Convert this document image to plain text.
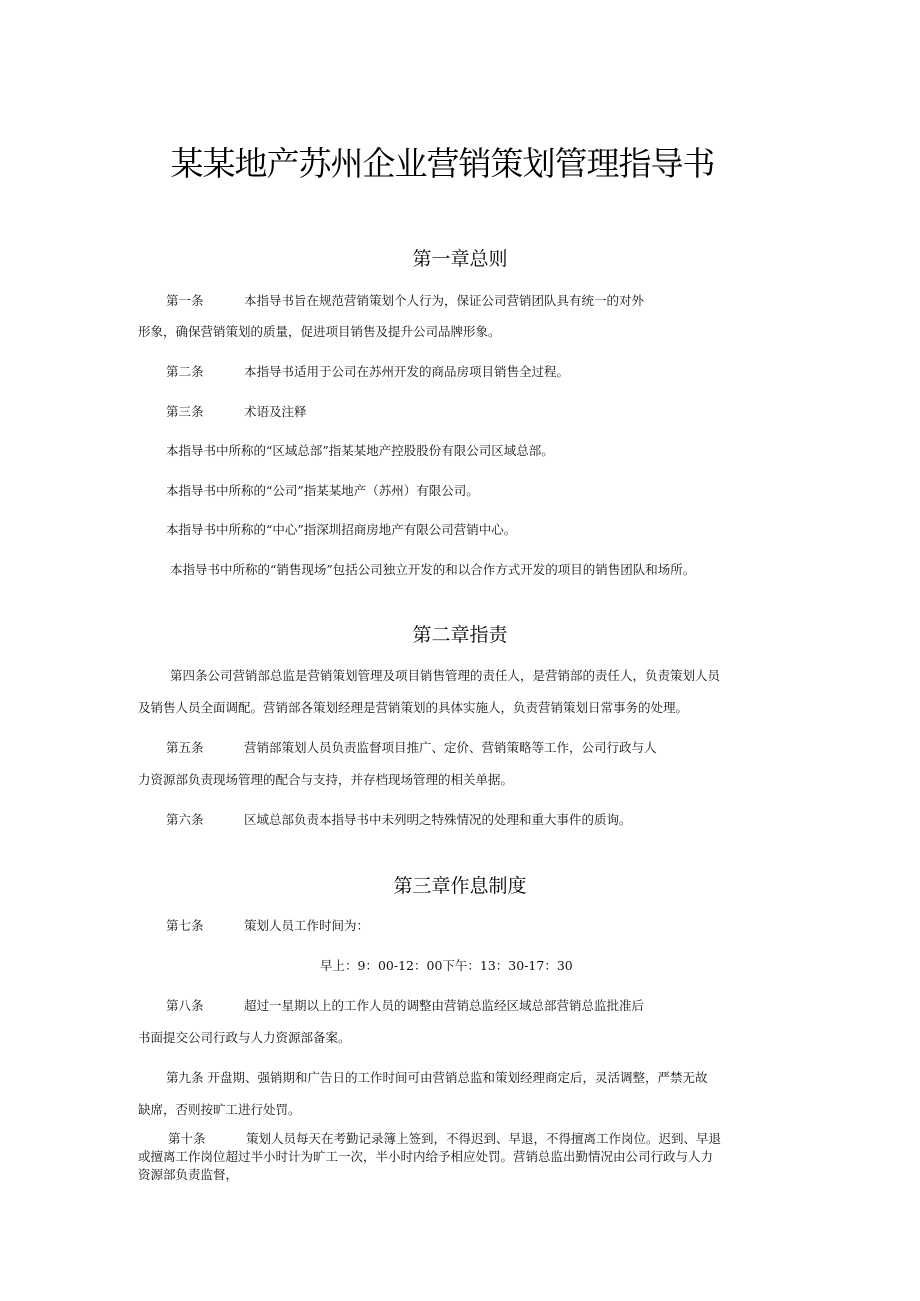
某某地产苏州企业营销策划管理指导书
第一章总则
第一条	本指导书旨在规范营销策划个人行为，保证公司营销团队具有统一的对外
形象，确保营销策划的质量，促进项目销售及提升公司品牌形象。
第二条	本指导书适用于公司在苏州开发的商品房项目销售全过程。
第三条	术语及注释
本指导书中所称的“区域总部”指某某地产控股股份有限公司区域总部。
本指导书中所称的“公司”指某某地产（苏州）有限公司。
本指导书中所称的“中心”指深圳招商房地产有限公司营销中心。
本指导书中所称的“销售现场”包括公司独立开发的和以合作方式开发的项目的销售团队和场所。
第二章指责
第四条公司营销部总监是营销策划管理及项目销售管理的责任人，是营销部的责任人，负责策划人员
及销售人员全面调配。营销部各策划经理是营销策划的具体实施人，负责营销策划日常事务的处理。
第五条	营销部策划人员负责监督项目推广、定价、营销策略等工作，公司行政与人
力资源部负责现场管理的配合与支持，并存档现场管理的相关单据。
第六条	区域总部负责本指导书中未列明之特殊情况的处理和重大事件的质询。
第三章作息制度
第七条	策划人员工作时间为：
早上：9：00-12：00下午：13：30-17：30
第八条	超过一星期以上的工作人员的调整由营销总监经区域总部营销总监批准后
书面提交公司行政与人力资源部备案。
第九条 开盘期、强销期和广告日的工作时间可由营销总监和策划经理商定后，灵活调整，严禁无故
缺席，否则按旷工进行处罚。
第十条	策划人员每天在考勤记录簿上签到，不得迟到、早退，不得擅离工作岗位。迟到、早退
或擅离工作岗位超过半小时计为旷工一次，半小时内给予相应处罚。营销总监出勤情况由公司行政与人力
资源部负责监督，
